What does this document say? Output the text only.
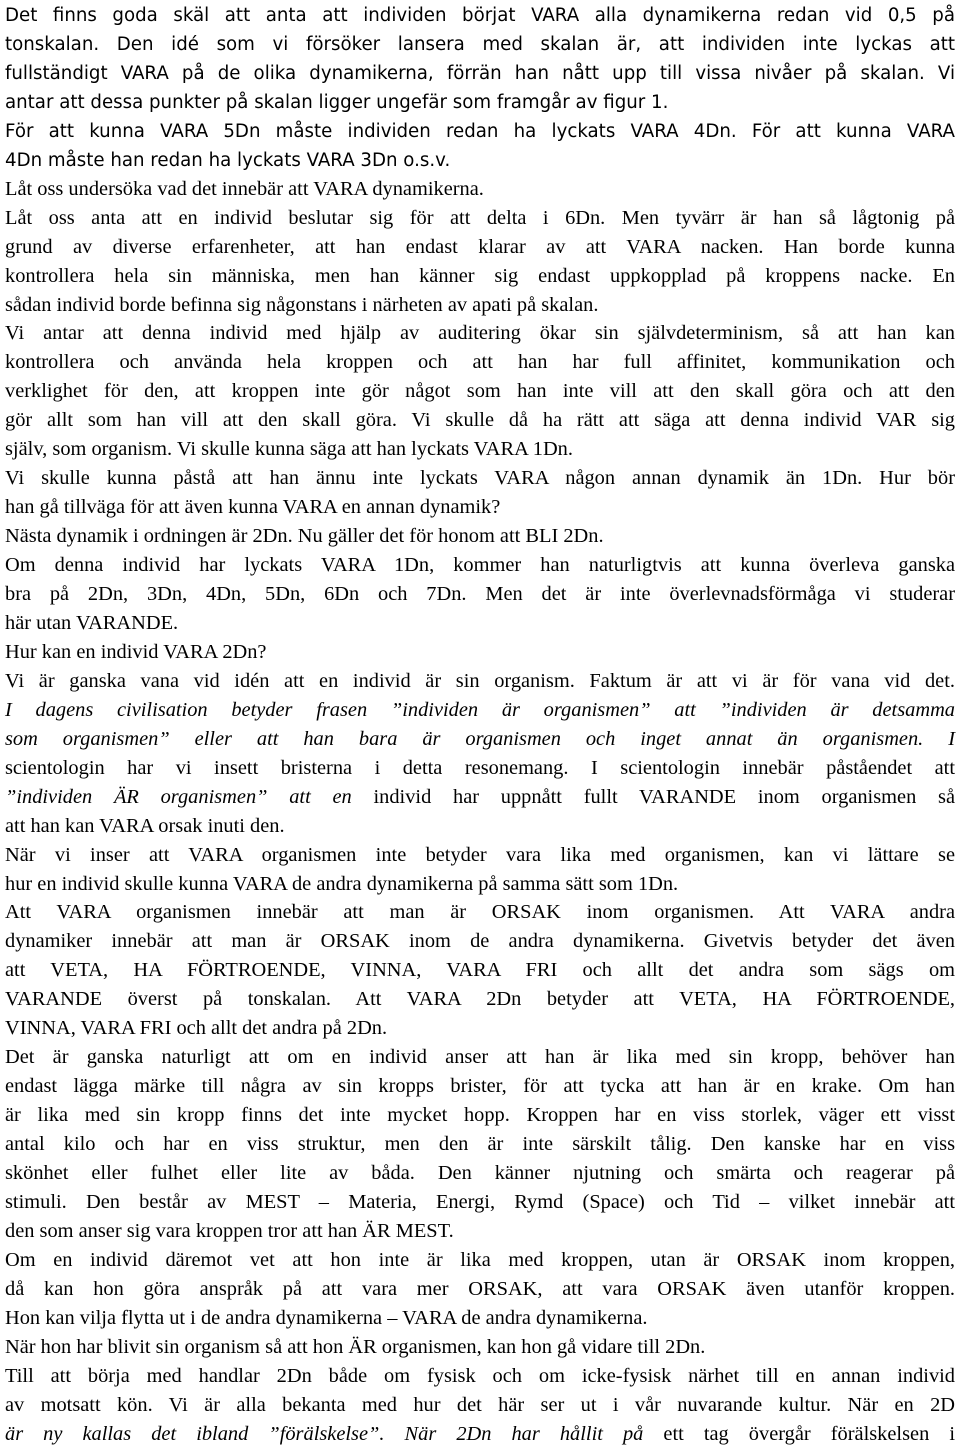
Det finns goda skäl att anta att individen börjat VARA alla dynamikerna redan vid 0,5 på
tonskalan. Den idé som vi försöker lansera med skalan är, att individen inte lyckas att
fullständigt VARA på de olika dynamikerna, förrän han nått upp till vissa nivåer på skalan. Vi
antar att dessa punkter på skalan ligger ungefär som framgår av figur 1.
För att kunna VARA 5Dn måste individen redan ha lyckats VARA 4Dn. För att kunna VARA
4Dn måste han redan ha lyckats VARA 3Dn o.s.v.
Låt oss undersöka vad det innebär att VARA dynamikerna.
Låt oss anta att en individ beslutar sig för att delta i 6Dn. Men tyvärr är han så lågtonig på
grund av diverse erfarenheter, att han endast klarar av att VARA nacken. Han borde kunna
kontrollera hela sin människa, men han känner sig endast uppkopplad på kroppens nacke. En
sådan individ borde befinna sig någonstans i närheten av apati på skalan.
Vi antar att denna individ med hjälp av auditering ökar sin självdeterminism, så att han kan
kontrollera och använda hela kroppen och att han har full affinitet, kommunikation och
verklighet för den, att kroppen inte gör något som han inte vill att den skall göra och att den
gör allt som han vill att den skall göra. Vi skulle då ha rätt att säga att denna individ VAR sig
själv, som organism. Vi skulle kunna säga att han lyckats VARA 1Dn.
Vi skulle kunna påstå att han ännu inte lyckats VARA någon annan dynamik än 1Dn. Hur bör
han gå tillväga för att även kunna VARA en annan dynamik?
Nästa dynamik i ordningen är 2Dn. Nu gäller det för honom att BLI 2Dn.
Om denna individ har lyckats VARA 1Dn, kommer han naturligtvis att kunna överleva ganska
bra på 2Dn, 3Dn, 4Dn, 5Dn, 6Dn och 7Dn. Men det är inte överlevnadsförmåga vi studerar
här utan VARANDE.
Hur kan en individ VARA 2Dn?
Vi är ganska vana vid idén att en individ är sin organism. Faktum är att vi är för vana vid det.
I dagens civilisation betyder frasen ”individen är organismen” att ”individen är detsamma
som organismen” eller att han bara är organismen och inget annat än organismen. I
scientologin har vi insett bristerna i detta resonemang. I scientologin innebär påståendet att
”individen ÄR organismen” att en individ har uppnått fullt VARANDE inom organismen så
att han kan VARA orsak inuti den.
När vi inser att VARA organismen inte betyder vara lika med organismen, kan vi lättare se
hur en individ skulle kunna VARA de andra dynamikerna på samma sätt som 1Dn.
Att VARA organismen innebär att man är ORSAK inom organismen. Att VARA andra
dynamiker innebär att man är ORSAK inom de andra dynamikerna. Givetvis betyder det även
att VETA, HA FÖRTROENDE, VINNA, VARA FRI och allt det andra som sägs om
VARANDE överst på tonskalan. Att VARA 2Dn betyder att VETA, HA FÖRTROENDE,
VINNA, VARA FRI och allt det andra på 2Dn.
Det är ganska naturligt att om en individ anser att han är lika med sin kropp, behöver han
endast lägga märke till några av sin kropps brister, för att tycka att han är en krake. Om han
är lika med sin kropp finns det inte mycket hopp. Kroppen har en viss storlek, väger ett visst
antal kilo och har en viss struktur, men den är inte särskilt tålig. Den kanske har en viss
skönhet eller fulhet eller lite av båda. Den känner njutning och smärta och reagerar på
stimuli. Den består av MEST – Materia, Energi, Rymd (Space) och Tid – vilket innebär att
den som anser sig vara kroppen tror att han ÄR MEST.
Om en individ däremot vet att hon inte är lika med kroppen, utan är ORSAK inom kroppen,
då kan hon göra anspråk på att vara mer ORSAK, att vara ORSAK även utanför kroppen.
Hon kan vilja flytta ut i de andra dynamikerna – VARA de andra dynamikerna.
När hon har blivit sin organism så att hon ÄR organismen, kan hon gå vidare till 2Dn.
Till att börja med handlar 2Dn både om fysisk och om icke-fysisk närhet till en annan individ
av motsatt kön. Vi är alla bekanta med hur det här ser ut i vår nuvarande kultur. När en 2D
är ny kallas det ibland ”förälskelse”. När 2Dn har hållit på ett tag övergår förälskelsen i
